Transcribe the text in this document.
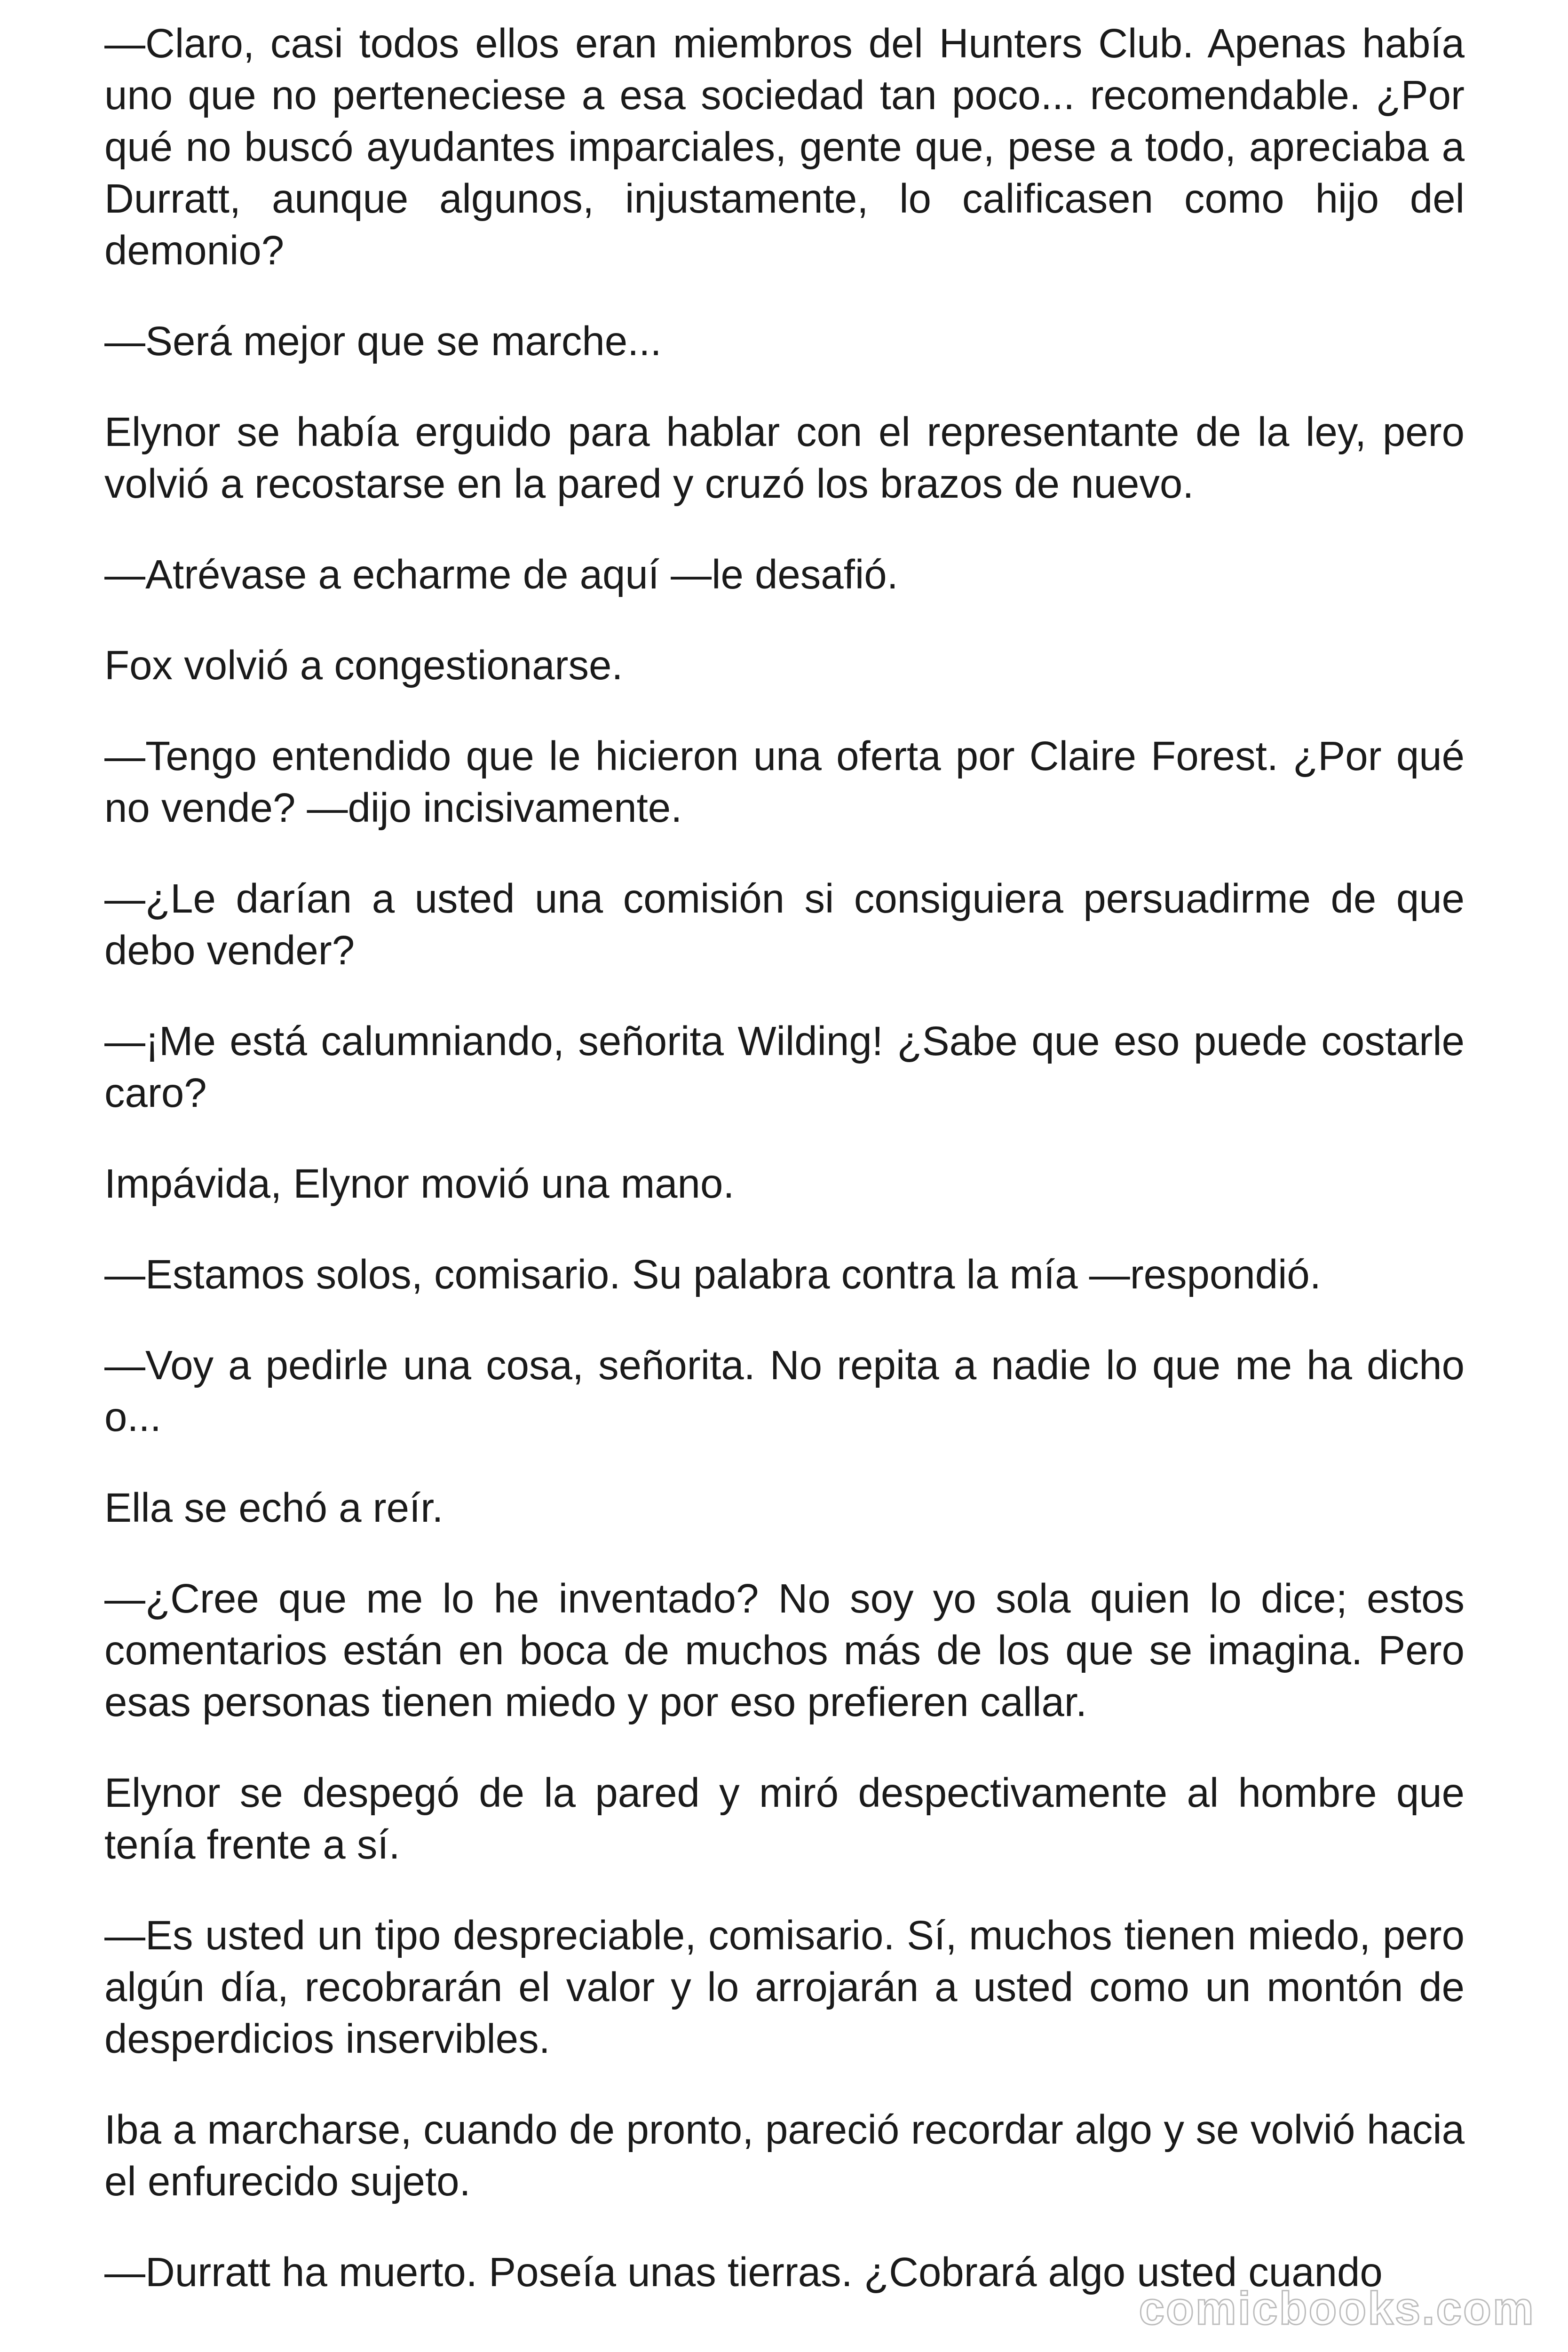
—Claro, casi todos ellos eran miembros del Hunters Club. Apenas había uno que no perteneciese a esa sociedad tan poco... recomendable. ¿Por qué no buscó ayudantes imparciales, gente que, pese a todo, apreciaba a Durratt, aunque algunos, injustamente, lo calificasen como hijo del demonio?

—Será mejor que se marche...

Elynor se había erguido para hablar con el representante de la ley, pero volvió a recostarse en la pared y cruzó los brazos de nuevo.

—Atrévase a echarme de aquí —le desafió.

Fox volvió a congestionarse.

—Tengo entendido que le hicieron una oferta por Claire Forest. ¿Por qué no vende? —dijo incisivamente.

—¿Le darían a usted una comisión si consiguiera persuadirme de que debo vender?

—¡Me está calumniando, señorita Wilding! ¿Sabe que eso puede costarle caro?

Impávida, Elynor movió una mano.

—Estamos solos, comisario. Su palabra contra la mía —respondió.

—Voy a pedirle una cosa, señorita. No repita a nadie lo que me ha dicho o...

Ella se echó a reír.

—¿Cree que me lo he inventado? No soy yo sola quien lo dice; estos comentarios están en boca de muchos más de los que se imagina. Pero esas personas tienen miedo y por eso prefieren callar.

Elynor se despegó de la pared y miró despectivamente al hombre que tenía frente a sí.

—Es usted un tipo despreciable, comisario. Sí, muchos tienen miedo, pero algún día, recobrarán el valor y lo arrojarán a usted como un montón de desperdicios inservibles.

Iba a marcharse, cuando de pronto, pareció recordar algo y se volvió hacia el enfurecido sujeto.

—Durratt ha muerto. Poseía unas tierras. ¿Cobrará algo usted cuando

comicbooks.com
